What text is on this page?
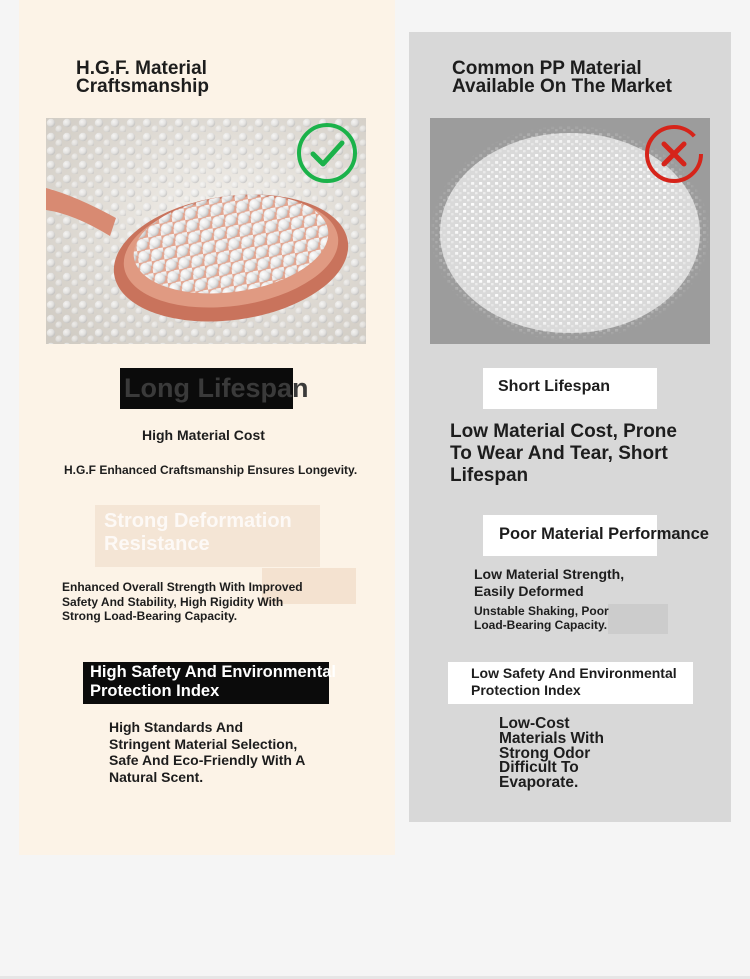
H.G.F. Material
Craftsmanship
Long Lifespan
High Material Cost
H.G.F Enhanced Craftsmanship Ensures Longevity.
Strong Deformation
Resistance
Enhanced Overall Strength With Improved
Safety And Stability, High Rigidity With
Strong Load-Bearing Capacity.
High Safety And Environmental
Protection Index
High Standards And
Stringent Material Selection,
Safe And Eco-Friendly With A
Natural Scent.
Common PP Material
Available On The Market
Short Lifespan
Low Material Cost, Prone
To Wear And Tear, Short
Lifespan
Poor Material Performance
Low Material Strength,
Easily Deformed
Unstable Shaking, Poor
Load-Bearing Capacity.
Low Safety And Environmental
Protection Index
Low-Cost
Materials With
Strong Odor
Difficult To
Evaporate.
